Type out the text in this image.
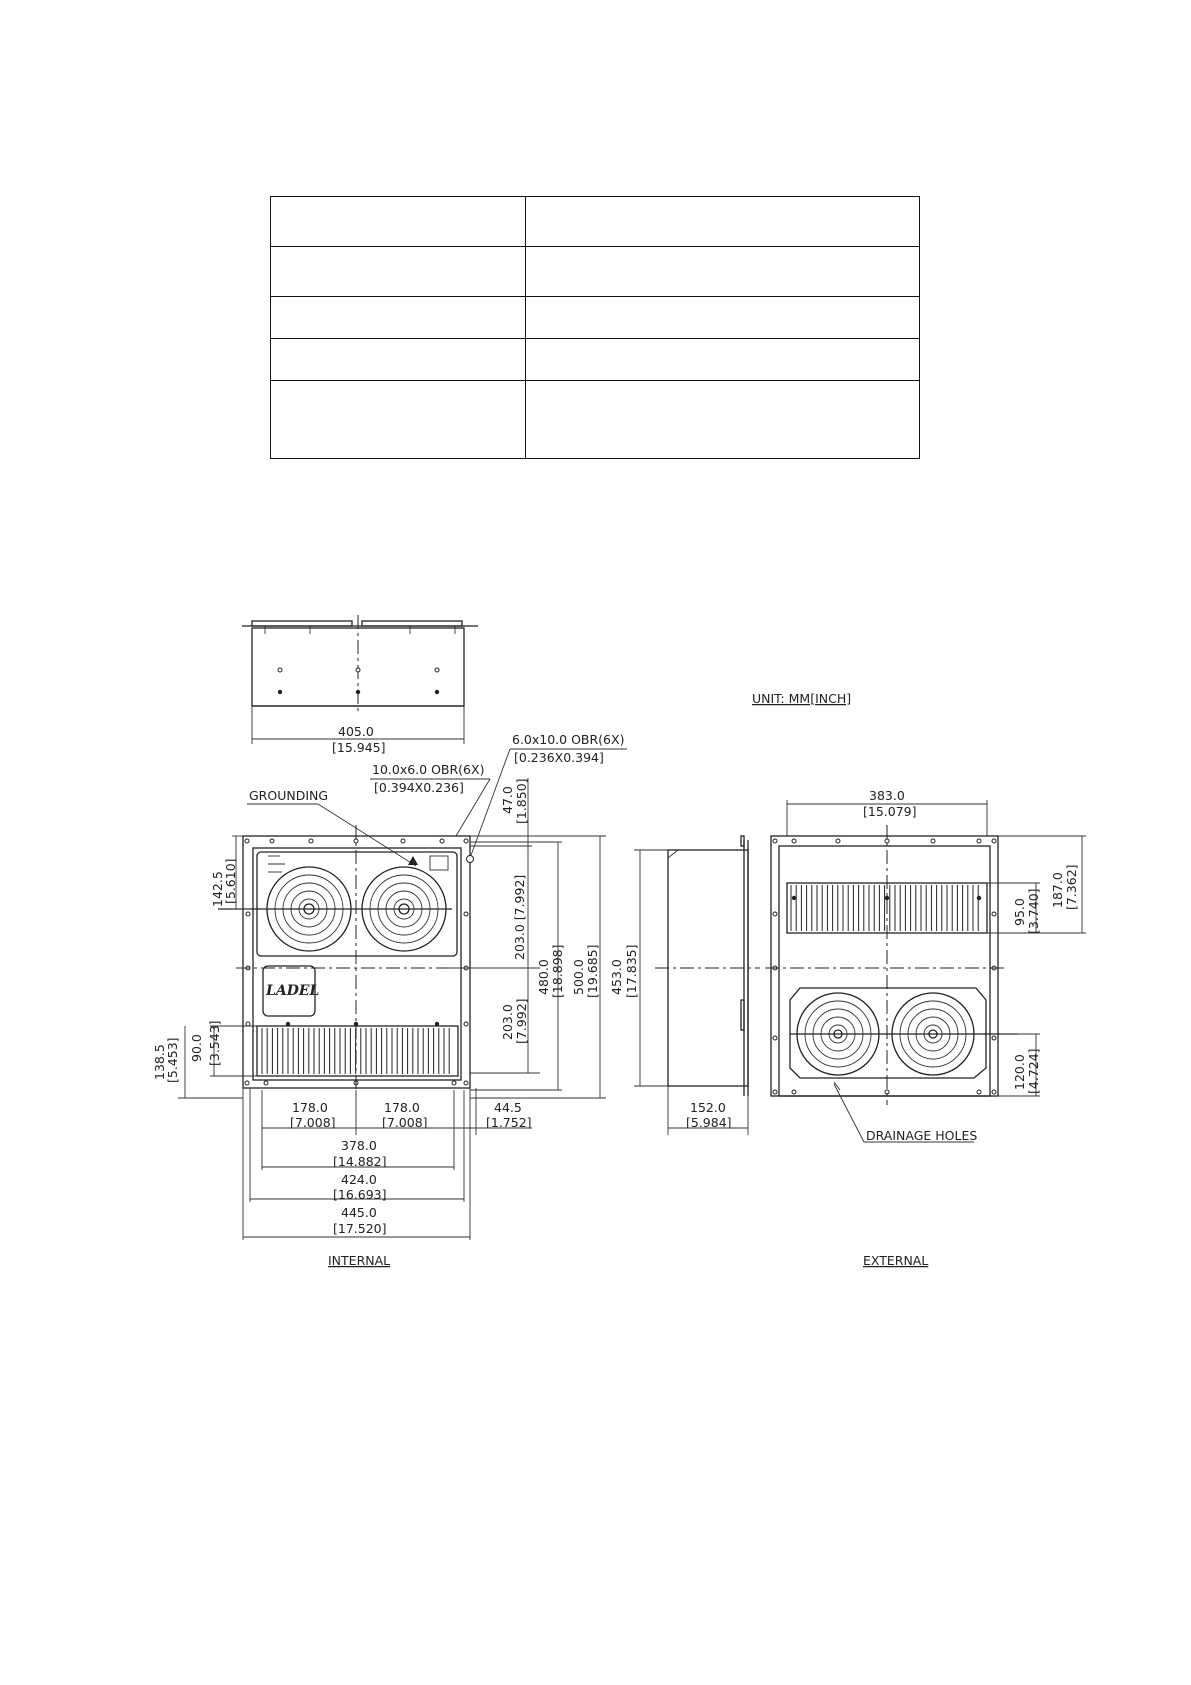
405.0
[15.945]
UNIT: MM[INCH]
6.0x10.0 OBR(6X)
[0.236X0.394]
10.0x6.0 OBR(6X)
[0.394X0.236]
GROUNDING
LADEL
142.5
[5.610]
90.0 [3.543]
138.5
[5.453]
47.0 [1.850]
203.0 [7.992]
203.0 [7.992]
480.0 [18.898] 500.0 [19.685]
178.0
[7.008]
178.0
[7.008]
44.5
[1.752]
378.0
[14.882]
424.0
[16.693]
445.0
[17.520]
INTERNAL
453.0 [17.835]
152.0
[5.984]
383.0
[15.079]
95.0 [3.740] 187.0 [7.362]
120.0 [4.724]
DRAINAGE HOLES
EXTERNAL
